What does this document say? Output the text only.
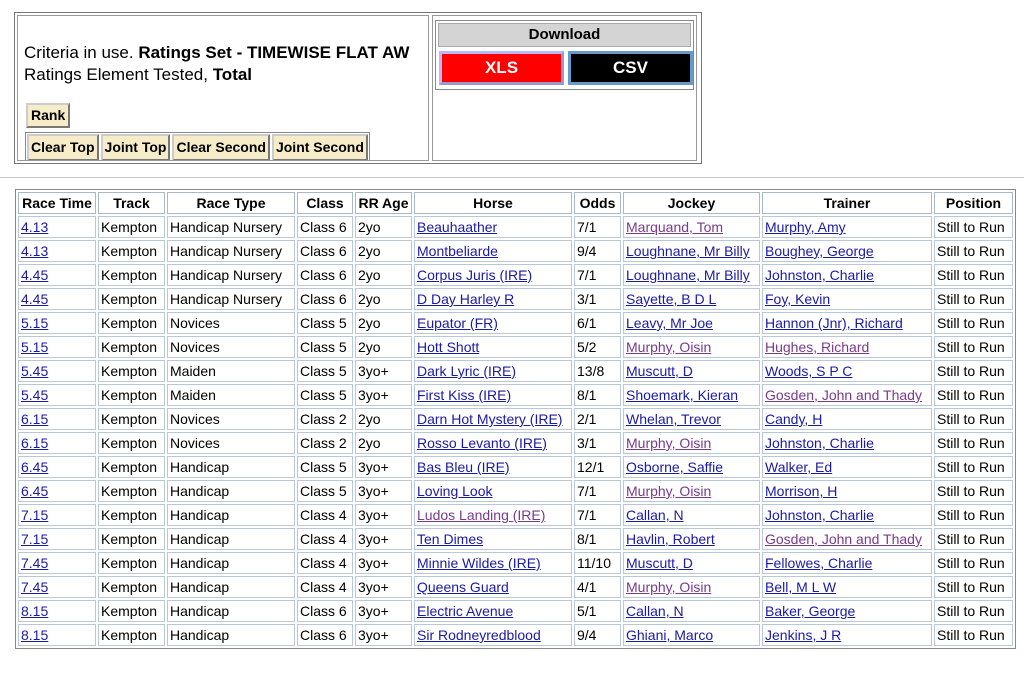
Criteria in use. Ratings Set - TIMEWISE FLAT AW
Ratings Element Tested, Total
Rank
Clear Top Joint Top Clear Second Joint Second
Download
XLS	CSV
Race Time	Track	Race Type	Class	RR Age	Horse	Odds	Jockey	Trainer	Position
4.13	Kempton	Handicap Nursery	Class 6	2yo	Beauhaather	7/1	Marquand, Tom	Murphy, Amy	Still to Run
4.13	Kempton	Handicap Nursery	Class 6	2yo	Montbeliarde	9/4	Loughnane, Mr Billy	Boughey, George	Still to Run
4.45	Kempton	Handicap Nursery	Class 6	2yo	Corpus Juris (IRE)	7/1	Loughnane, Mr Billy	Johnston, Charlie	Still to Run
4.45	Kempton	Handicap Nursery	Class 6	2yo	D Day Harley R	3/1	Sayette, B D L	Foy, Kevin	Still to Run
5.15	Kempton	Novices	Class 5	2yo	Eupator (FR)	6/1	Leavy, Mr Joe	Hannon (Jnr), Richard	Still to Run
5.15	Kempton	Novices	Class 5	2yo	Hott Shott	5/2	Murphy, Oisin	Hughes, Richard	Still to Run
5.45	Kempton	Maiden	Class 5	3yo+	Dark Lyric (IRE)	13/8	Muscutt, D	Woods, S P C	Still to Run
5.45	Kempton	Maiden	Class 5	3yo+	First Kiss (IRE)	8/1	Shoemark, Kieran	Gosden, John and Thady	Still to Run
6.15	Kempton	Novices	Class 2	2yo	Darn Hot Mystery (IRE)	2/1	Whelan, Trevor	Candy, H	Still to Run
6.15	Kempton	Novices	Class 2	2yo	Rosso Levanto (IRE)	3/1	Murphy, Oisin	Johnston, Charlie	Still to Run
6.45	Kempton	Handicap	Class 5	3yo+	Bas Bleu (IRE)	12/1	Osborne, Saffie	Walker, Ed	Still to Run
6.45	Kempton	Handicap	Class 5	3yo+	Loving Look	7/1	Murphy, Oisin	Morrison, H	Still to Run
7.15	Kempton	Handicap	Class 4	3yo+	Ludos Landing (IRE)	7/1	Callan, N	Johnston, Charlie	Still to Run
7.15	Kempton	Handicap	Class 4	3yo+	Ten Dimes	8/1	Havlin, Robert	Gosden, John and Thady	Still to Run
7.45	Kempton	Handicap	Class 4	3yo+	Minnie Wildes (IRE)	11/10	Muscutt, D	Fellowes, Charlie	Still to Run
7.45	Kempton	Handicap	Class 4	3yo+	Queens Guard	4/1	Murphy, Oisin	Bell, M L W	Still to Run
8.15	Kempton	Handicap	Class 6	3yo+	Electric Avenue	5/1	Callan, N	Baker, George	Still to Run
8.15	Kempton	Handicap	Class 6	3yo+	Sir Rodneyredblood	9/4	Ghiani, Marco	Jenkins, J R	Still to Run
